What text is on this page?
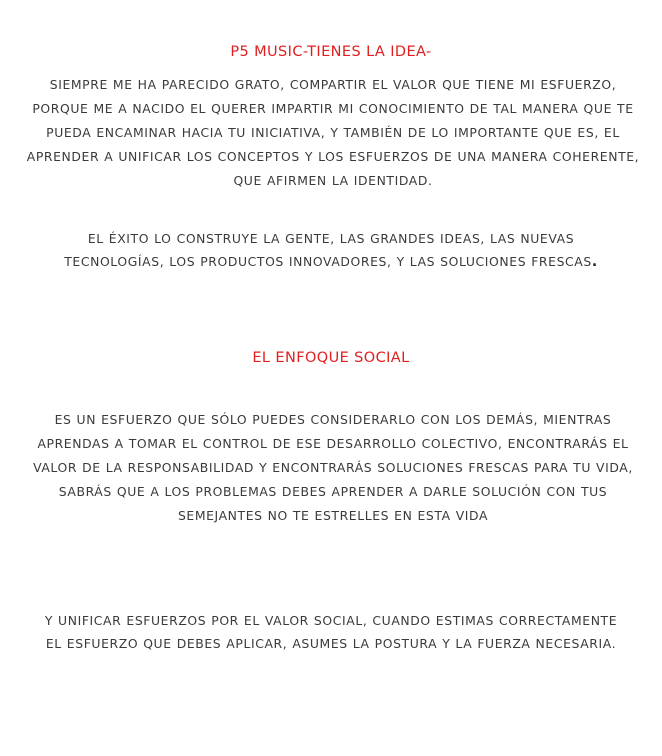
P5 MUSIC-TIENES LA IDEA-
SIEMPRE ME HA PARECIDO GRATO, COMPARTIR EL VALOR QUE TIENE MI ESFUERZO, PORQUE ME A NACIDO EL QUERER IMPARTIR MI CONOCIMIENTO DE TAL MANERA QUE TE PUEDA ENCAMINAR HACIA TU INICIATIVA, Y TAMBIÉN DE LO IMPORTANTE QUE ES, EL APRENDER A UNIFICAR LOS CONCEPTOS Y LOS ESFUERZOS DE UNA MANERA COHERENTE, QUE AFIRMEN LA IDENTIDAD.
EL ÉXITO LO CONSTRUYE LA GENTE, LAS GRANDES IDEAS, LAS NUEVAS TECNOLOGÍAS, LOS PRODUCTOS INNOVADORES, Y LAS SOLUCIONES FRESCAS.
EL ENFOQUE SOCIAL
ES UN ESFUERZO QUE SÓLO PUEDES CONSIDERARLO CON LOS DEMÁS, MIENTRAS APRENDAS A TOMAR EL CONTROL DE ESE DESARROLLO COLECTIVO, ENCONTRARÁS EL VALOR DE LA RESPONSABILIDAD Y ENCONTRARÁS SOLUCIONES FRESCAS PARA TU VIDA, SABRÁS QUE A LOS PROBLEMAS DEBES APRENDER A DARLE SOLUCIÓN CON TUS SEMEJANTES NO TE ESTRELLES EN ESTA VIDA
Y UNIFICAR ESFUERZOS POR EL VALOR SOCIAL, CUANDO ESTIMAS CORRECTAMENTE EL ESFUERZO QUE DEBES APLICAR, ASUMES LA POSTURA Y LA FUERZA NECESARIA.
